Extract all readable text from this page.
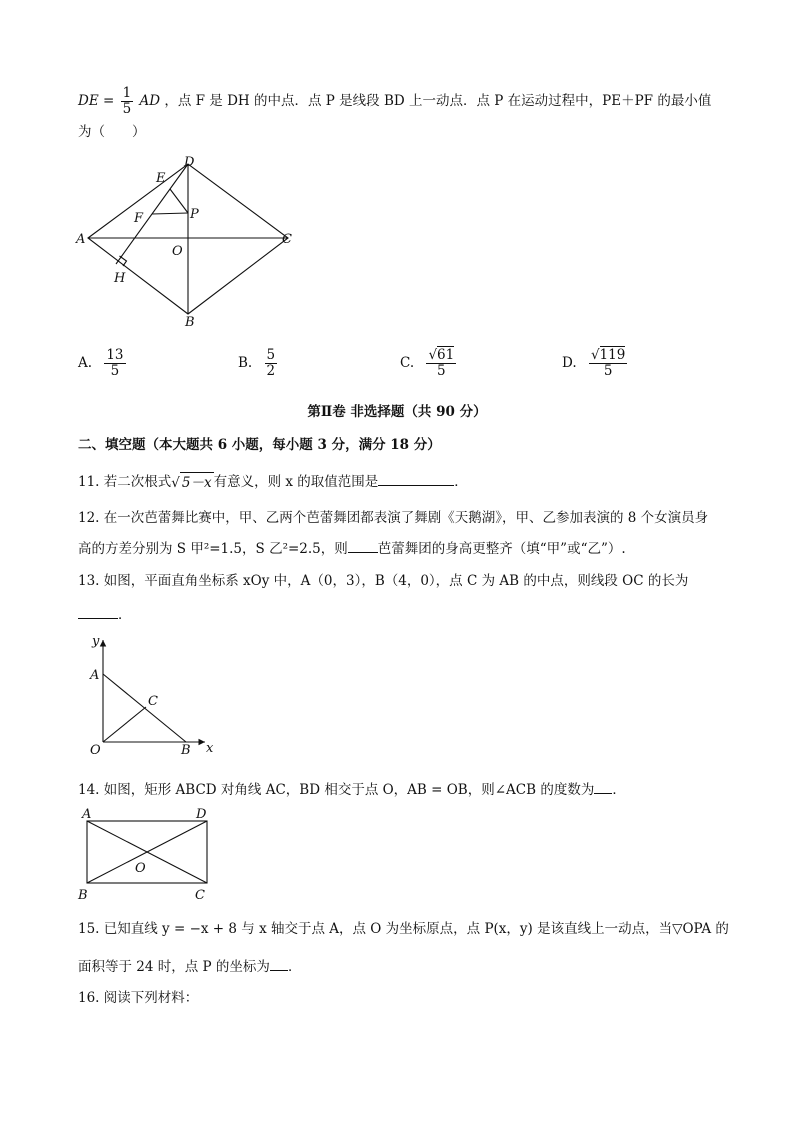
DE = $\frac{1}{5}$ AD ，点 F 是 DH 的中点．点 P 是线段 BD 上一动点．点 P 在运动过程中，PE＋PF 的最小值
为（　　）
D
E
F	P
A	C
O
H
B
A. $\frac{13}{5}$	B. $\frac{5}{2}$	C. $\frac{√61}{5}$	D. $\frac{√119}{5}$
第Ⅱ卷 非选择题（共 90 分）
二、填空题（本大题共 6 小题，每小题 3 分，满分 18 分）
11. 若二次根式√ 5－x 有意义，则 x 的取值范围是	．
12. 在一次芭蕾舞比赛中，甲、乙两个芭蕾舞团都表演了舞剧《天鹅湖》，甲、乙参加表演的 8 个女演员身
高的方差分别为 S 甲²=1.5，S 乙²=2.5，则 芭蕾舞团的身高更整齐（填“甲”或“乙”）.
13. 如图，平面直角坐标系 xOy 中，A（0，3），B（4，0），点 C 为 AB 的中点，则线段 OC 的长为
．
y
A
C
O	B x
14. 如图，矩形 ABCD 对角线 AC，BD 相交于点 O，AB = OB，则∠ACB 的度数为 ．
A	D
O
B	C
15. 已知直线 y = −x + 8 与 x 轴交于点 A，点 O 为坐标原点，点 P(x，y) 是该直线上一动点，当▽OPA 的
面积等于 24 时，点 P 的坐标为 ．
16. 阅读下列材料：
